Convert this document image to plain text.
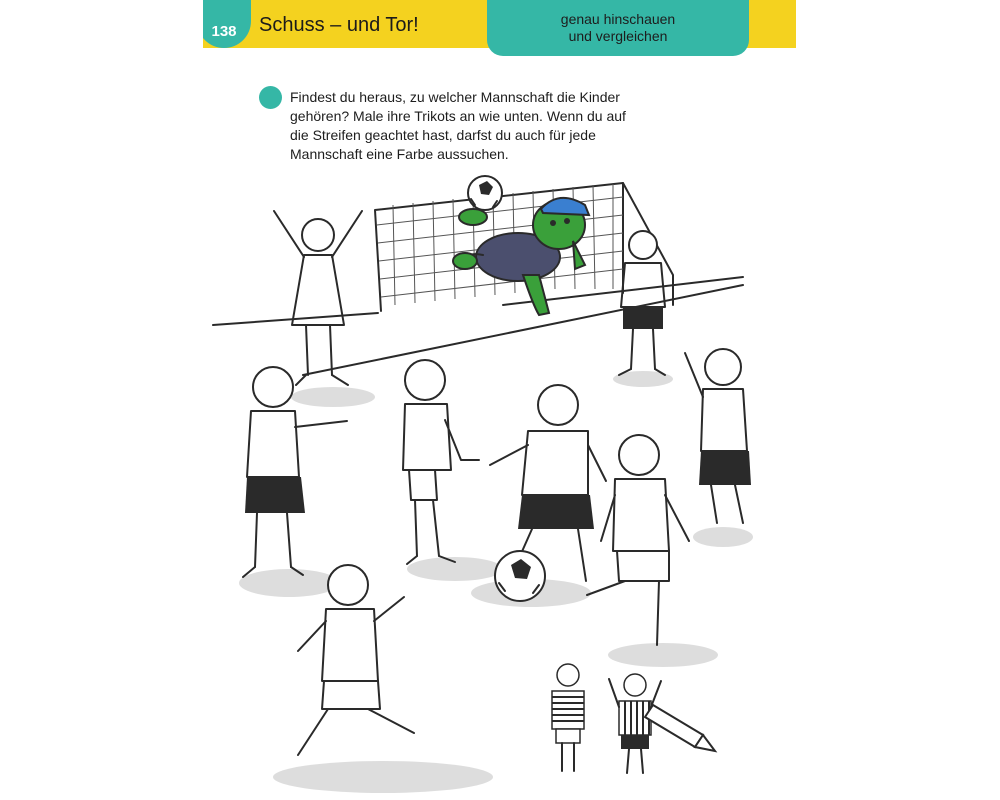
138 Schuss – und Tor!	genau hinschauen
und vergleichen
Findest du heraus, zu welcher Mannschaft die Kinder
gehören? Male ihre Trikots an wie unten. Wenn du auf
die Streifen geachtet hast, darfst du auch für jede
Mannschaft eine Farbe aussuchen.
